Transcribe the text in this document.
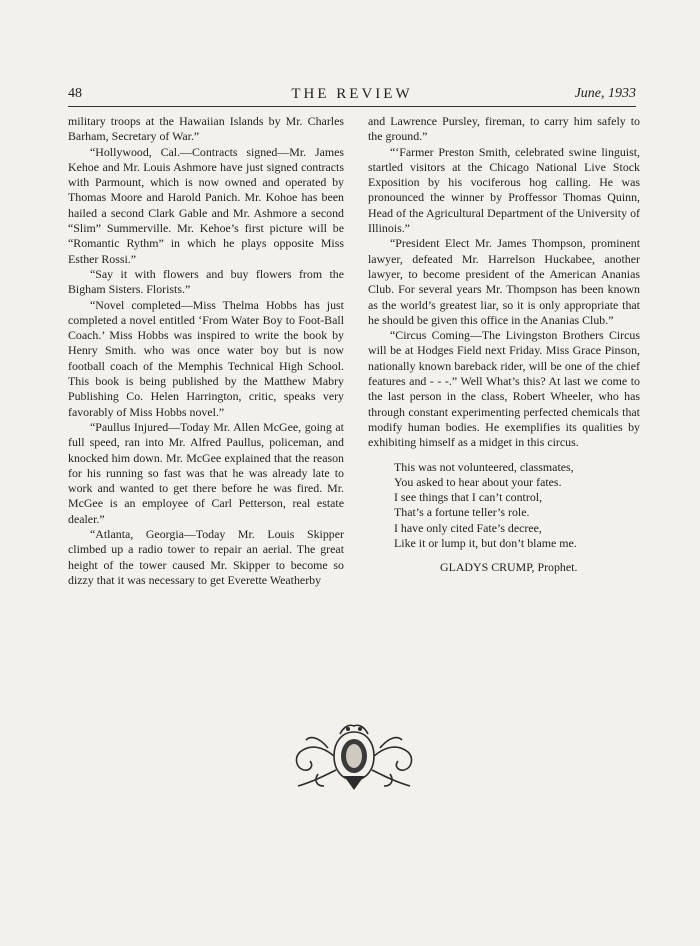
48	THE REVIEW	June, 1933

military troops at the Hawaiian Islands by Mr. Charles Barham, Secretary of War.”

“Hollywood, Cal.—Contracts signed—Mr. James Kehoe and Mr. Louis Ashmore have just signed contracts with Parmount, which is now owned and operated by Thomas Moore and Harold Panich. Mr. Kohoe has been hailed a second Clark Gable and Mr. Ashmore a second “Slim” Summerville. Mr. Kehoe’s first picture will be “Romantic Rythm” in which he plays opposite Miss Esther Rossi.”

“Say it with flowers and buy flowers from the Bigham Sisters. Florists.”

“Novel completed—Miss Thelma Hobbs has just completed a novel entitled ‘From Water Boy to Foot-Ball Coach.’ Miss Hobbs was inspired to write the book by Henry Smith. who was once water boy but is now football coach of the Memphis Technical High School. This book is being published by the Matthew Mabry Publishing Co. Helen Harrington, critic, speaks very favorably of Miss Hobbs novel.”

“Paullus Injured—Today Mr. Allen McGee, going at full speed, ran into Mr. Alfred Paullus, policeman, and knocked him down. Mr. McGee explained that the reason for his running so fast was that he was already late to work and wanted to get there before he was fired. Mr. McGee is an employee of Carl Petterson, real estate dealer.”

“Atlanta, Georgia—Today Mr. Louis Skipper climbed up a radio tower to repair an aerial. The great height of the tower caused Mr. Skipper to become so dizzy that it was necessary to get Everette Weatherby

and Lawrence Pursley, fireman, to carry him safely to the ground.”

“‘Farmer Preston Smith, celebrated swine linguist, startled visitors at the Chicago National Live Stock Exposition by his vociferous hog calling. He was pronounced the winner by Proffessor Thomas Quinn, Head of the Agricultural Department of the University of Illinois.”

“President Elect Mr. James Thompson, prominent lawyer, defeated Mr. Harrelson Huckabee, another lawyer, to become president of the American Ananias Club. For several years Mr. Thompson has been known as the world’s greatest liar, so it is only appropriate that he should be given this office in the Ananias Club.”

“Circus Coming—The Livingston Brothers Circus will be at Hodges Field next Friday. Miss Grace Pinson, nationally known bareback rider, will be one of the chief features and - - -.” Well What’s this? At last we come to the last person in the class, Robert Wheeler, who has through constant experimenting perfected chemicals that modify human bodies. He exemplifies its qualities by exhibiting himself as a midget in this circus.

This was not volunteered, classmates,
You asked to hear about your fates.
I see things that I can’t control,
That’s a fortune teller’s role.
I have only cited Fate’s decree,
Like it or lump it, but don’t blame me.
GLADYS CRUMP, Prophet.
